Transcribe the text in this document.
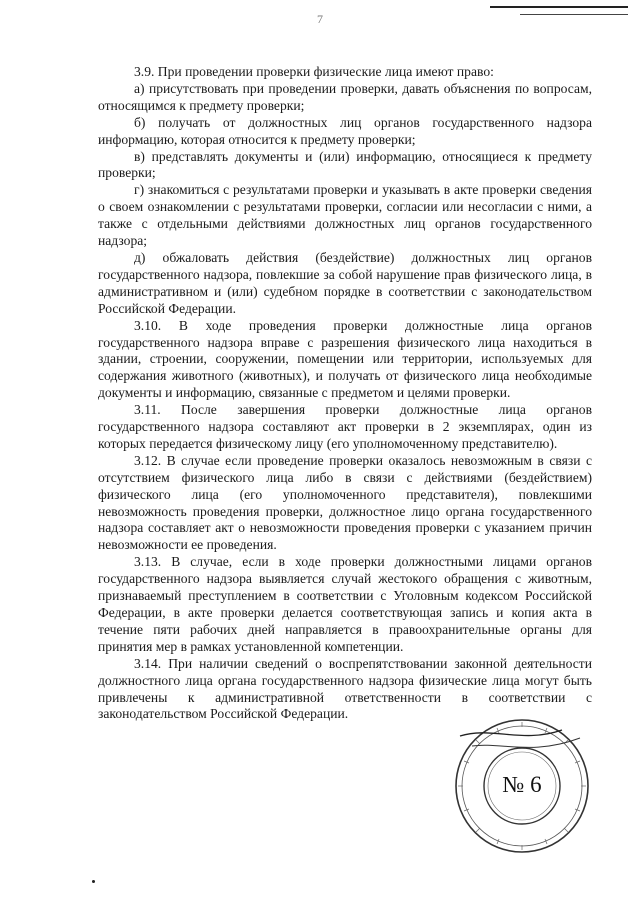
7

3.9. При проведении проверки физические лица имеют право:

а) присутствовать при проведении проверки, давать объяснения по вопросам, относящимся к предмету проверки;

б) получать от должностных лиц органов государственного надзора информацию, которая относится к предмету проверки;

в) представлять документы и (или) информацию, относящиеся к предмету проверки;

г) знакомиться с результатами проверки и указывать в акте проверки сведения о своем ознакомлении с результатами проверки, согласии или несогласии с ними, а также с отдельными действиями должностных лиц органов государственного надзора;

д) обжаловать действия (бездействие) должностных лиц органов государственного надзора, повлекшие за собой нарушение прав физического лица, в административном и (или) судебном порядке в соответствии с законодательством Российской Федерации.

3.10. В ходе проведения проверки должностные лица органов государственного надзора вправе с разрешения физического лица находиться в здании, строении, сооружении, помещении или территории, используемых для содержания животного (животных), и получать от физического лица необходимые документы и информацию, связанные с предметом и целями проверки.

3.11. После завершения проверки должностные лица органов государственного надзора составляют акт проверки в 2 экземплярах, один из которых передается физическому лицу (его уполномоченному представителю).

3.12. В случае если проведение проверки оказалось невозможным в связи с отсутствием физического лица либо в связи с действиями (бездействием) физического лица (его уполномоченного представителя), повлекшими невозможность проведения проверки, должностное лицо органа государственного надзора составляет акт о невозможности проведения проверки с указанием причин невозможности ее проведения.

3.13. В случае, если в ходе проверки должностными лицами органов государственного надзора выявляется случай жестокого обращения с животным, признаваемый преступлением в соответствии с Уголовным кодексом Российской Федерации, в акте проверки делается соответствующая запись и копия акта в течение пяти рабочих дней направляется в правоохранительные органы для принятия мер в рамках установленной компетенции.

3.14. При наличии сведений о воспрепятствовании законной деятельности должностного лица органа государственного надзора физические лица могут быть привлечены к административной ответственности в соответствии с законодательством Российской Федерации.

№ 6
